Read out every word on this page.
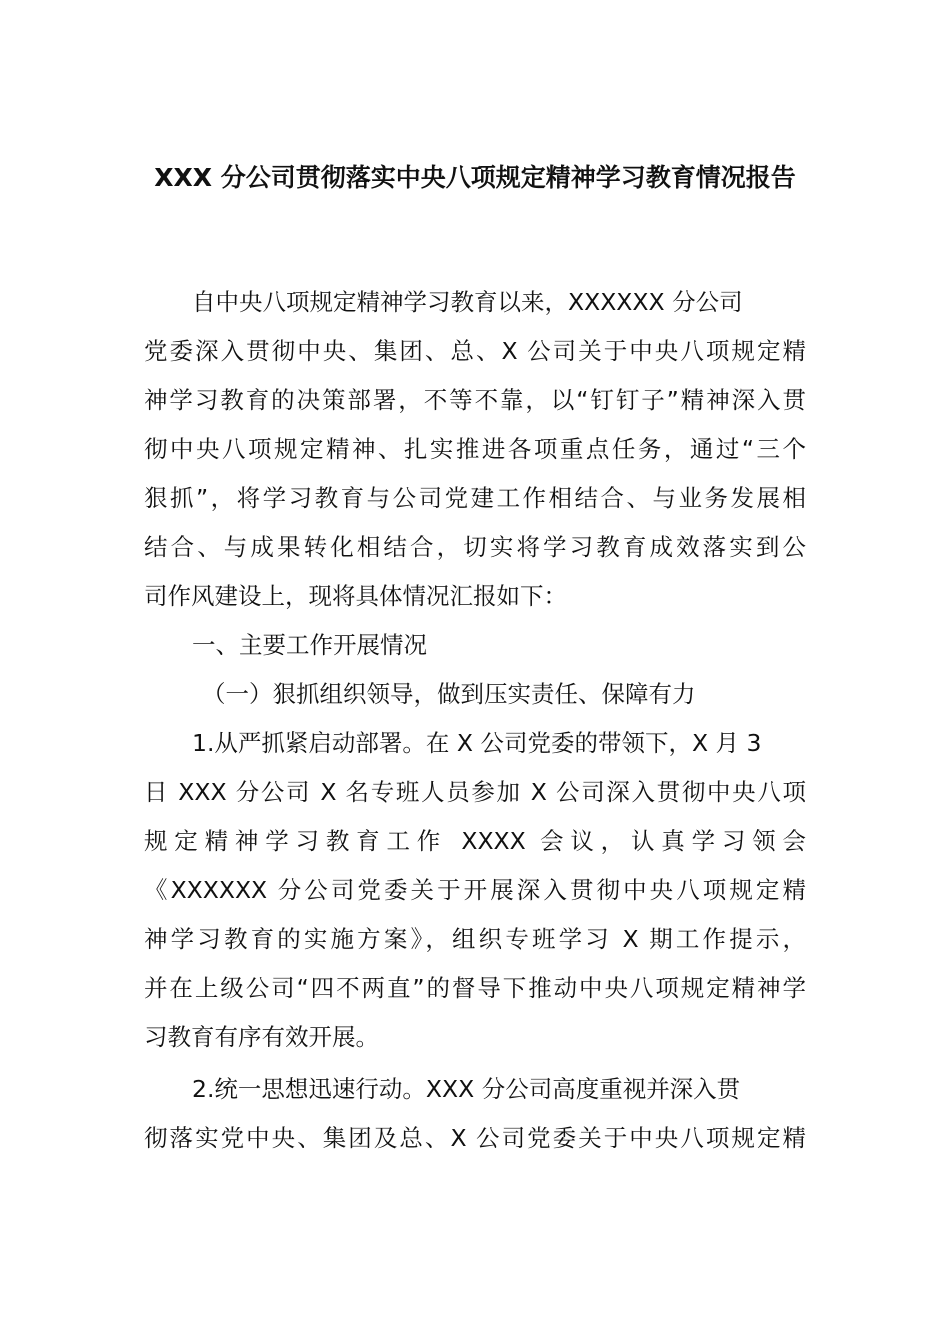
XXX 分公司贯彻落实中央八项规定精神学习教育情况报告
自中央八项规定精神学习教育以来，XXXXXX 分公司
党委深入贯彻中央、集团、总、X 公司关于中央八项规定精
神学习教育的决策部署，不等不靠，以“钉钉子”精神深入贯
彻中央八项规定精神、扎实推进各项重点任务，通过“三个
狠抓”，将学习教育与公司党建工作相结合、与业务发展相
结合、与成果转化相结合，切实将学习教育成效落实到公
司作风建设上，现将具体情况汇报如下：
一、主要工作开展情况
（一）狠抓组织领导，做到压实责任、保障有力
1.从严抓紧启动部署。在 X 公司党委的带领下，X 月 3
日 XXX 分公司 X 名专班人员参加 X 公司深入贯彻中央八项
规定精神学习教育工作 XXXX 会议，认真学习领会
《XXXXXX 分公司党委关于开展深入贯彻中央八项规定精
神学习教育的实施方案》，组织专班学习 X 期工作提示，
并在上级公司“四不两直”的督导下推动中央八项规定精神学
习教育有序有效开展。
2.统一思想迅速行动。XXX 分公司高度重视并深入贯
彻落实党中央、集团及总、X 公司党委关于中央八项规定精
